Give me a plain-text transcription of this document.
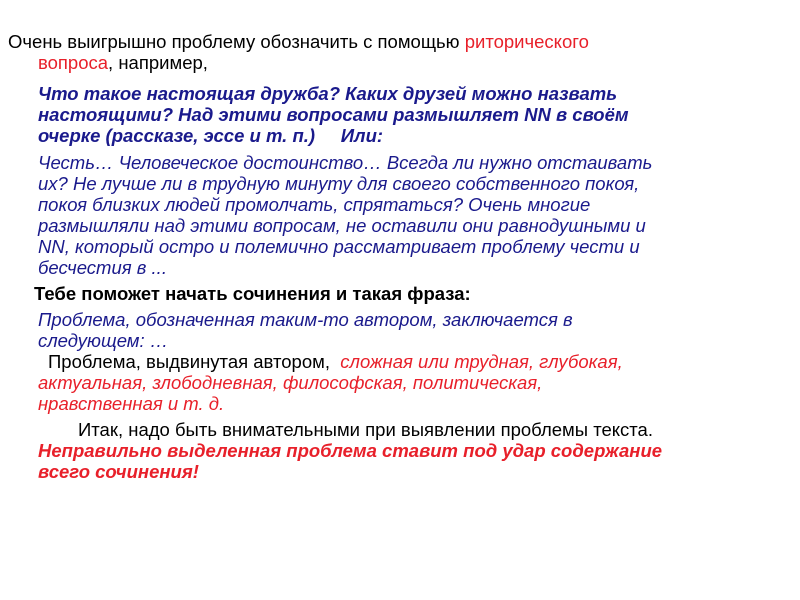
Очень выигрышно проблему обозначить с помощью риторического
вопроса, например,
Что такое настоящая дружба? Каких друзей можно назвать
настоящими? Над этими вопросами размышляет NN в своём
очерке (рассказе, эссе и т. п.)     Или:
Честь… Человеческое достоинство… Всегда ли нужно отстаивать
их? Не лучше ли в трудную минуту для своего собственного покоя,
покоя близких людей промолчать, спрятаться? Очень многие
размышляли над этими вопросам, не оставили они равнодушными и
NN, который остро и полемично рассматривает проблему чести и
бесчестия в ...
Тебе поможет начать сочинения и такая фраза:
Проблема, обозначенная таким-то автором, заключается в
следующем: …
Проблема, выдвинутая автором,  сложная или трудная, глубокая,
актуальная, злободневная, философская, политическая,
нравственная и т. д.
Итак, надо быть внимательными при выявлении проблемы текста.
Неправильно выделенная проблема ставит под удар содержание
всего сочинения!
